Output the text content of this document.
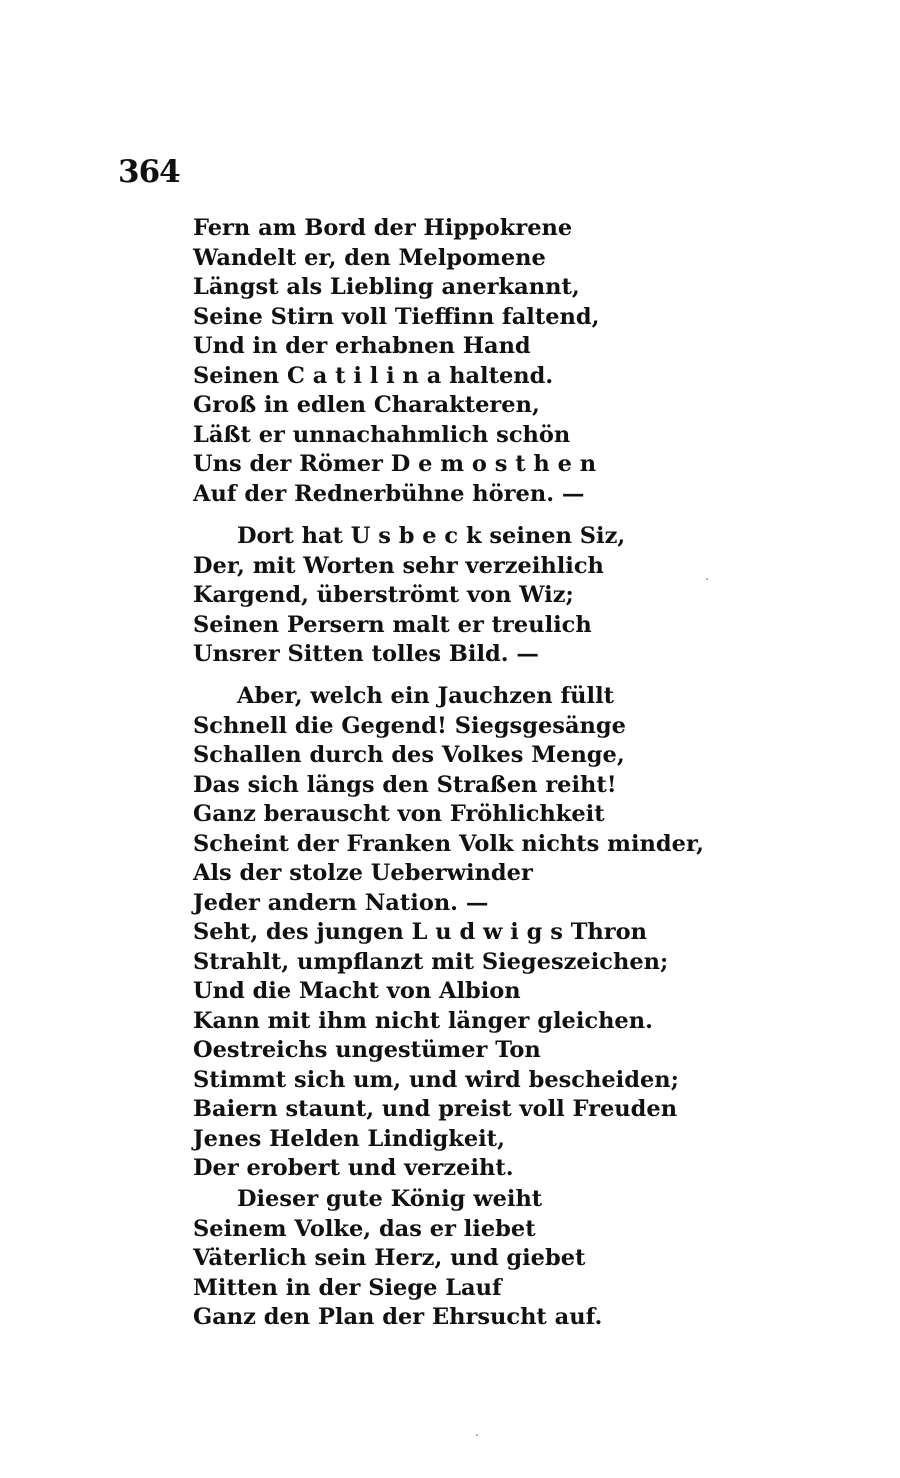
364
Fern am Bord der Hippokrene
Wandelt er, den Melpomene
Längst als Liebling anerkannt,
Seine Stirn voll Tieffinn faltend,
Und in der erhabnen Hand
Seinen C a t i l i n a haltend.
Groß in edlen Charakteren,
Läßt er unnachahmlich schön
Uns der Römer D e m o s t h e n
Auf der Rednerbühne hören. —
Dort hat U s b e c k seinen Siz,
Der, mit Worten sehr verzeihlich
Kargend, überströmt von Wiz;
Seinen Persern malt er treulich
Unsrer Sitten tolles Bild. —
Aber, welch ein Jauchzen füllt
Schnell die Gegend! Siegsgesänge
Schallen durch des Volkes Menge,
Das sich längs den Straßen reiht!
Ganz berauscht von Fröhlichkeit
Scheint der Franken Volk nichts minder,
Als der stolze Ueberwinder
Jeder andern Nation. —
Seht, des jungen L u d w i g s Thron
Strahlt, umpflanzt mit Siegeszeichen;
Und die Macht von Albion
Kann mit ihm nicht länger gleichen.
Oestreichs ungestümer Ton
Stimmt sich um, und wird bescheiden;
Baiern staunt, und preist voll Freuden
Jenes Helden Lindigkeit,
Der erobert und verzeiht.
Dieser gute König weiht
Seinem Volke, das er liebet
Väterlich sein Herz, und giebet
Mitten in der Siege Lauf
Ganz den Plan der Ehrsucht auf.
